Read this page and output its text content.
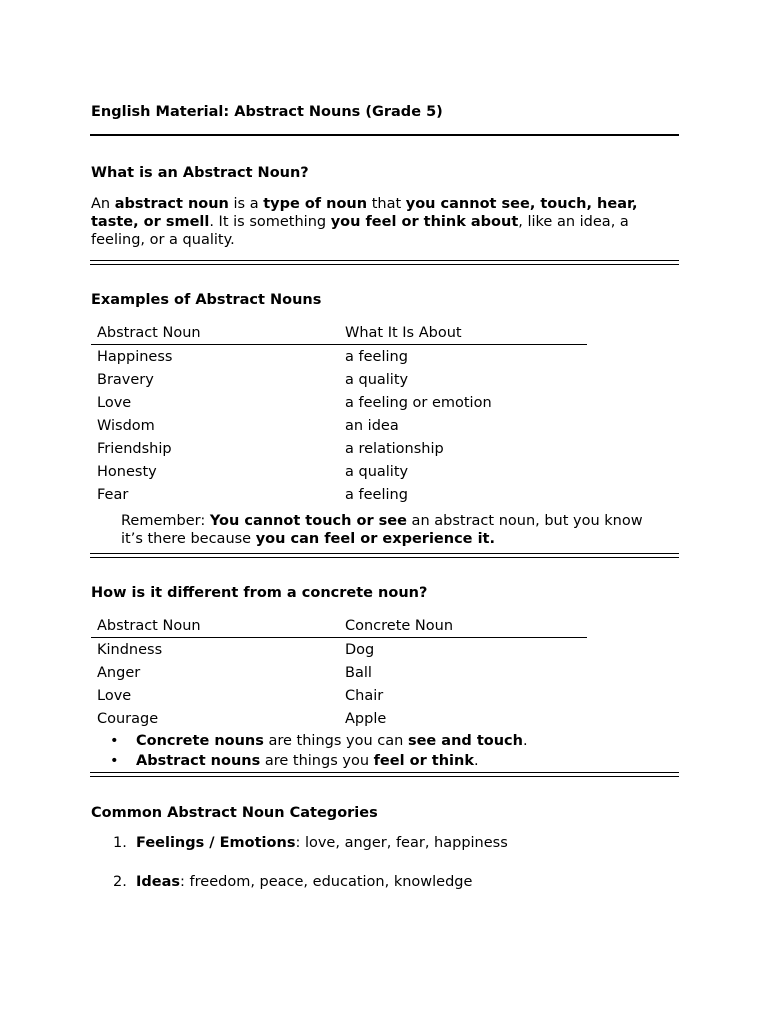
English Material: Abstract Nouns (Grade 5)
What is an Abstract Noun?

An abstract noun is a type of noun that you cannot see, touch, hear, taste, or smell. It is something you feel or think about, like an idea, a feeling, or a quality.

Examples of Abstract Nouns
Abstract Noun	What It Is About
Happiness	a feeling
Bravery	a quality
Love	a feeling or emotion
Wisdom	an idea
Friendship	a relationship
Honesty	a quality
Fear	a feeling

Remember: You cannot touch or see an abstract noun, but you know it’s there because you can feel or experience it.

How is it different from a concrete noun?
Abstract Noun	Concrete Noun
Kindness	Dog
Anger	Ball
Love	Chair
Courage	Apple
• Concrete nouns are things you can see and touch.
• Abstract nouns are things you feel or think.
Common Abstract Noun Categories
1. Feelings / Emotions: love, anger, fear, happiness
2. Ideas: freedom, peace, education, knowledge
